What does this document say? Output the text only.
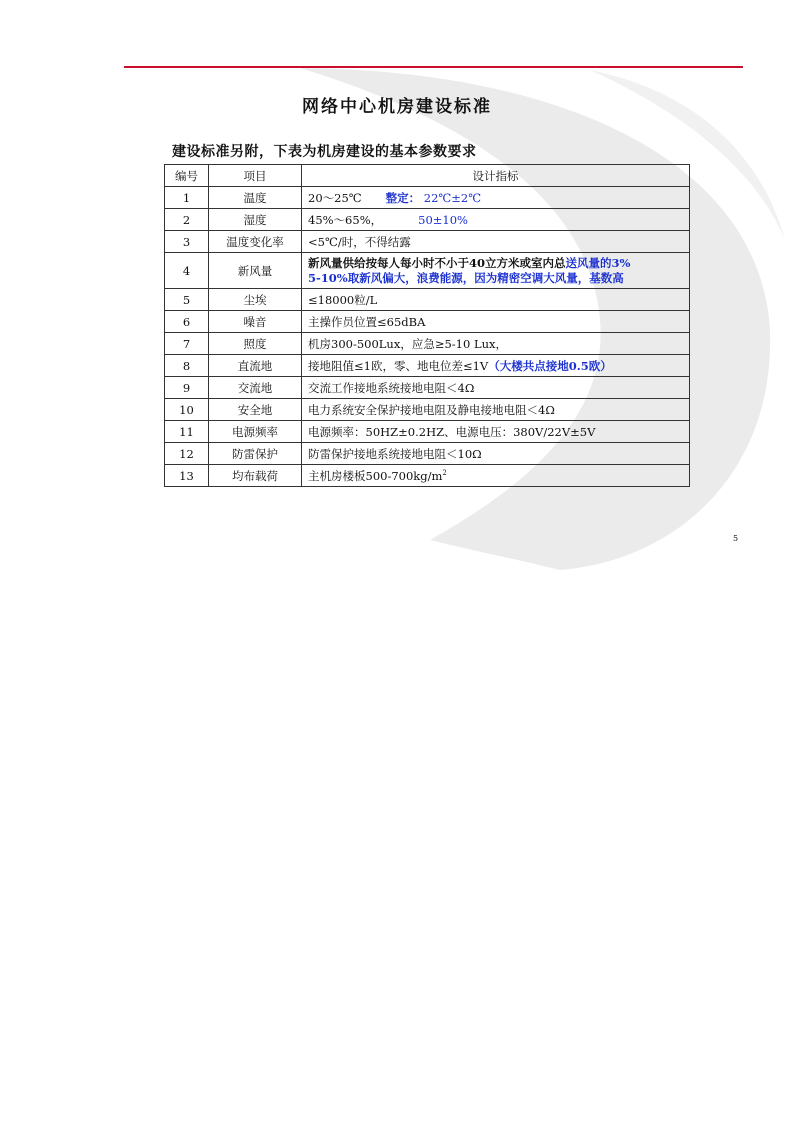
网络中心机房建设标准
建设标准另附，下表为机房建设的基本参数要求
编号	项目	设计指标
1	温度	20～25℃ 整定： 22℃±2℃
2	湿度	45%～65%， 50±10%
3	温度变化率	<5℃/时，不得结露
4	新风量	新风量供给按每人每小时不小于40立方米或室内总送风量的3%
5-10%取新风偏大，浪费能源，因为精密空调大风量，基数高
5	尘埃	≤18000粒/L
6	噪音	主操作员位置≤65dBA
7	照度	机房300-500Lux，应急≥5-10 Lux，
8	直流地	接地阻值≤1欧，零、地电位差≤1V（大楼共点接地0.5欧）
9	交流地	交流工作接地系统接地电阻＜4Ω
10	安全地	电力系统安全保护接地电阻及静电接地电阻＜4Ω
11	电源频率	电源频率：50HZ±0.2HZ、电源电压：380V/22V±5V
12	防雷保护	防雷保护接地系统接地电阻＜10Ω
13	均布载荷	主机房楼板$500-700kg/m^2$
5
